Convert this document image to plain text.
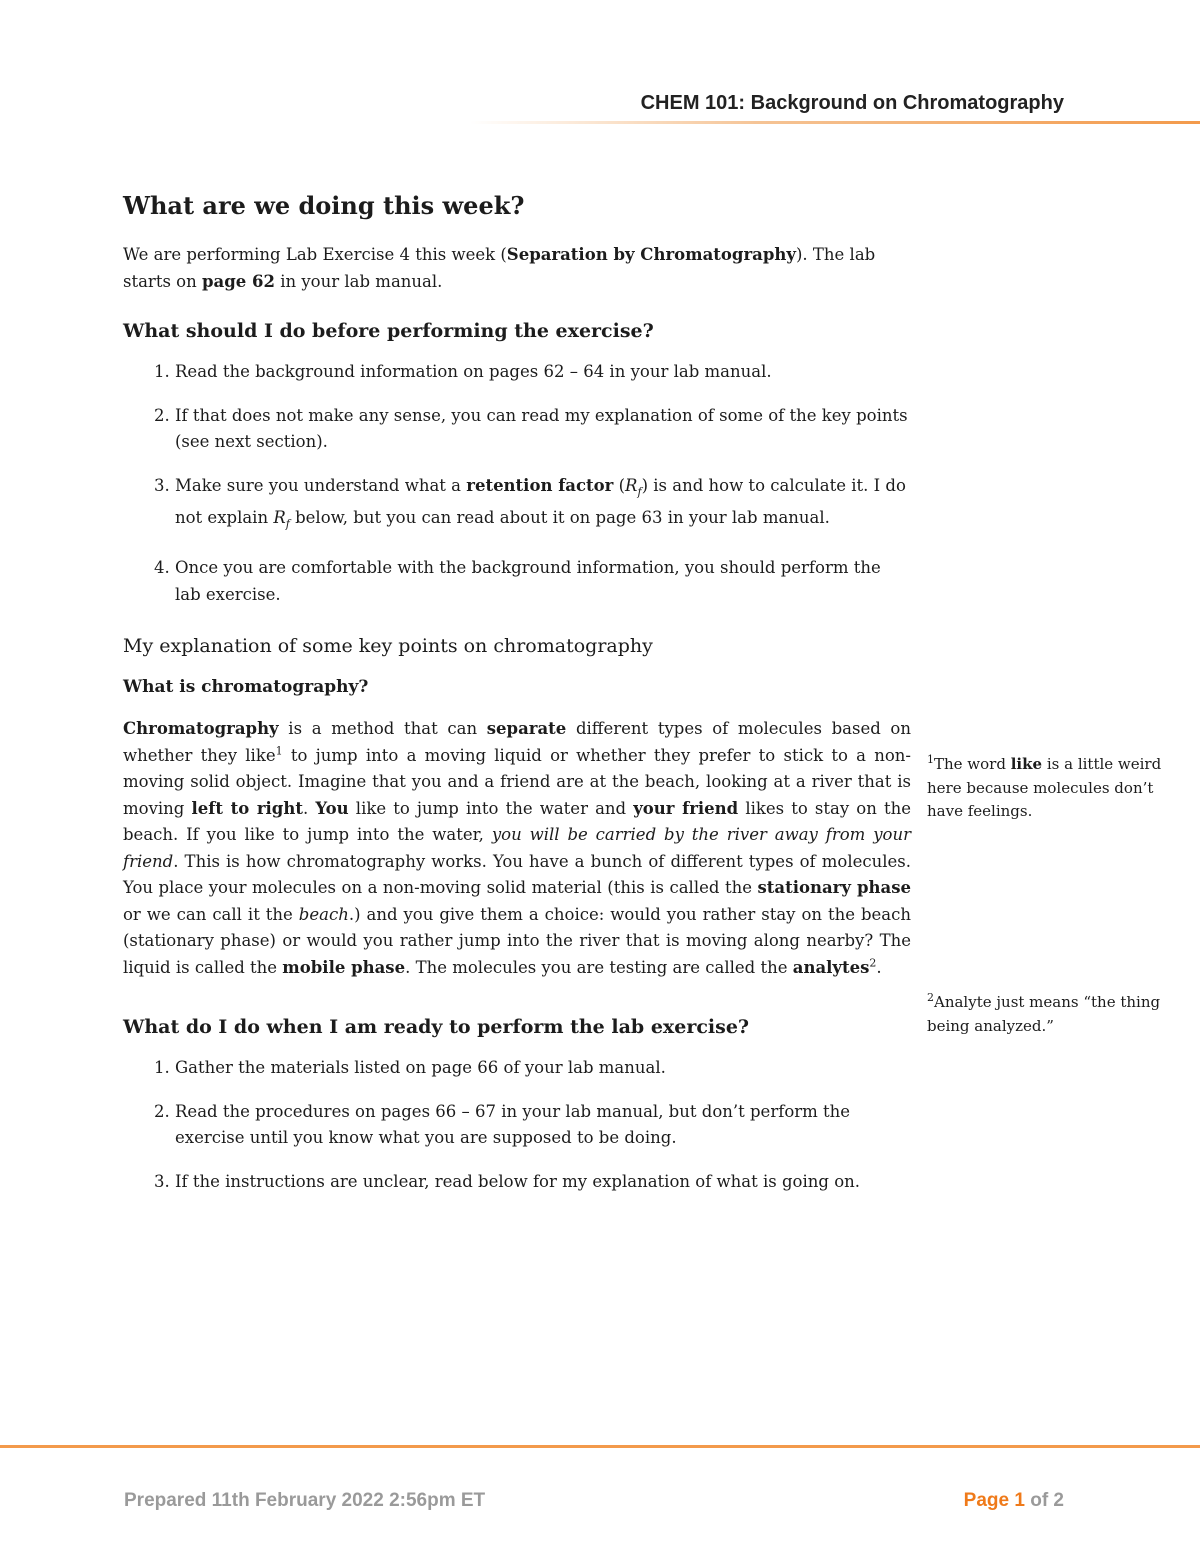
CHEM 101: Background on Chromatography
What are we doing this week?

We are performing Lab Exercise 4 this week (Separation by Chromatography). The lab starts on page 62 in your lab manual.

What should I do before performing the exercise?
1. Read the background information on pages 62 – 64 in your lab manual.
2. If that does not make any sense, you can read my explanation of some of the key points (see next section).
3. Make sure you understand what a retention factor $(R_f)$ is and how to calculate it. I do not explain $R_f$ below, but you can read about it on page 63 in your lab manual.
4. Once you are comfortable with the background information, you should perform the lab exercise.
My explanation of some key points on chromatography
What is chromatography?

Chromatography is a method that can separate different types of molecules based on whether they like$^1$ to jump into a moving liquid or whether they prefer to stick to a non-moving solid object. Imagine that you and a friend are at the beach, looking at a river that is moving left to right. You like to jump into the water and your friend likes to stay on the beach. If you like to jump into the water, you will be carried by the river away from your friend. This is how chromatography works. You have a bunch of different types of molecules. You place your molecules on a non-moving solid material (this is called the stationary phase or we can call it the beach.) and you give them a choice: would you rather stay on the beach (stationary phase) or would you rather jump into the river that is moving along nearby? The liquid is called the mobile phase. The molecules you are testing are called the analytes$^2$.

What do I do when I am ready to perform the lab exercise?
1. Gather the materials listed on page 66 of your lab manual.
2. Read the procedures on pages 66 – 67 in your lab manual, but don’t perform the exercise until you know what you are supposed to be doing.
3. If the instructions are unclear, read below for my explanation of what is going on.
$^1$The word like is a little weird here because molecules don’t have feelings.
$^2$Analyte just means “the thing being analyzed.”
Prepared 11th February 2022 2:56pm ET	Page 1 of 2
